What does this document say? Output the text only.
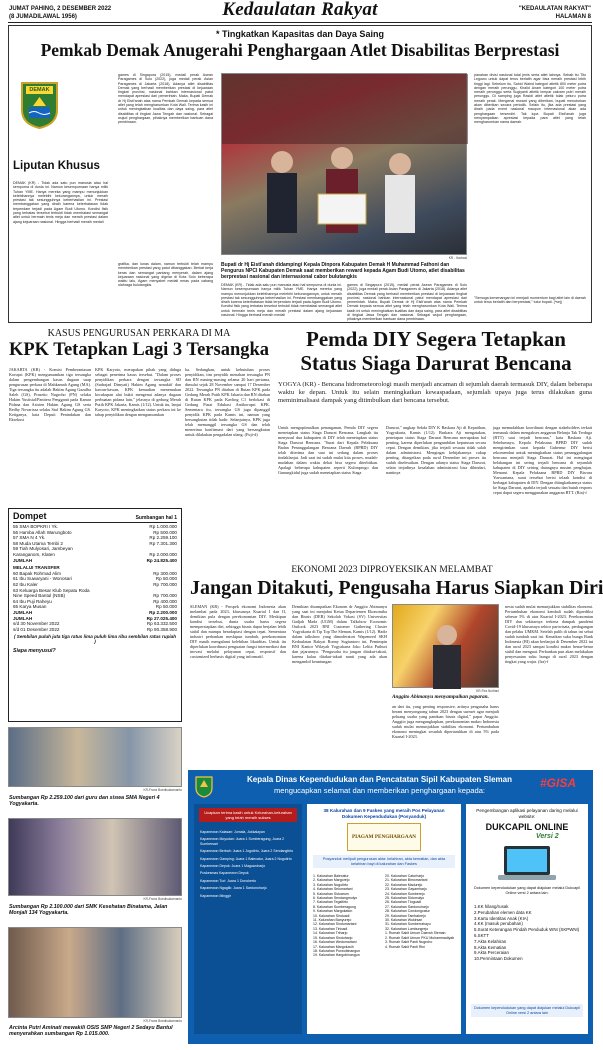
JUMAT PAHING, 2 DESEMBER 2022
(8 JUMADILAWAL 1956)	Kedaulatan Rakyat	"KEDAULATAN RAKYAT"
HALAMAN 8
* Tingkatkan Kapasitas dan Daya Saing
Pemkab Demak Anugerahi Penghargaan Atlet Disabilitas Berprestasi
DEMAK
Liputan Khusus
DEMAK (KR) - Tidak ada satu pun manusia atau hal sempurna di dunia ini. Namun kesempurnaan hanya milik Tuhan YME. Hanya mereka yang mampu menunjukkan kelebihannya melebihi kekurangannya, untuk meraih prestasi tak sesungguhnya keberhasilan ini. Prestasi membanggakan yang diraih karena keterbatasan tidak terpendam terjadi pada Agam Budi Utomo. Kondisi fisik yang terbatas tersebut terbukti tidak membatasi semangat atlet untuk bermain tenis meja dan meraih prestasi dalam ajang kejuaraan nasional. Hingga berhasil meraih medali
games di Singapura (2015), medali perak Asean Paragames di Solo (2022), juga medali perak Asian Paragames di Jakarta (2018). Adanya atlet disabilitas Demak yang berhasil memberikan prestasi di kejuaraan tingkat provinsi, nasional bahkan internasional patut mendapat apresiasi dari pemerintah. Maka, Bupati Demak dr Hj Eisti'anah atas nama Pemkab Demak kepada semua atlet yang telah mengharumkan Kota Wali. Terima kasih ini untuk meningkatkan kualitas dan daya saing, para atlet disabilitas di tingkat Jawa Tengah dan nasional. Sebagai wujud penghargaan, pihaknya memberikan bantuan dana pembinaan.
KR - Ilustrasi
Bupati dr Hj Eisti'anah didampingi Kepala Dinpora Kabupaten Demak H Muhammad Fathoni dan Pengurus NPCI Kabupaten Demak saat memberikan reward kepada Agam Budi Utomo, atlet disabilitas berprestasi nasional dan internasional cabor bulutangkis
grafika, dan lunas dalam, namun terbukti telah mampu memberikan prestasi yang patut dibanggakan. Berkat kerja keras dan semangat pantang menyerah, dalam ajang kejuaraan nasional yang digelar di Kota Solo beberapa waktu lalu, Agam menyabet medali emas pada cabang olahraga bulutangkis.	DEMAK (KR) - Tidak ada satu pun manusia atau hal sempurna di dunia ini. Namun kesempurnaan hanya milik Tuhan YME. Hanya mereka yang mampu menunjukkan kelebihannya melebihi kekurangannya, untuk meraih prestasi tak sesungguhnya keberhasilan ini. Prestasi membanggakan yang diraih karena keterbatasan tidak terpendam terjadi pada Agam Budi Utomo. Kondisi fisik yang terbatas tersebut terbukti tidak membatasi semangat atlet untuk bermain tenis meja dan meraih prestasi dalam ajang kejuaraan nasional. Hingga berhasil meraih medali
games di Singapura (2015), medali perak Asean Paragames di Solo (2022), juga medali perak Asian Paragames di Jakarta (2018). Adanya atlet disabilitas Demak yang berhasil memberikan prestasi di kejuaraan tingkat provinsi, nasional bahkan internasional patut mendapat apresiasi dari pemerintah. Maka, Bupati Demak dr Hj Eisti'anah atas nama Pemkab Demak kepada semua atlet yang telah mengharumkan Kota Wali. Terima kasih ini untuk meningkatkan kualitas dan daya saing, para atlet disabilitas di tingkat Jawa Tengah dan nasional. Sebagai wujud penghargaan, pihaknya memberikan bantuan dana pembinaan.
panahan divisi nasional total jenis serta atlet lainnya. Sebab itu Tito Legowo untuk dapat terus berlatih agar bisa meraih prestasi lebih tinggi lagi. Sebelum itu, Sahid Wahid kategori atletik 800 meter putra dengan meraih perunggu, Khalid Anam kategori 100 meter putra meraih perunggu serta Sugiyanti atletik lempar cakram putri meraih perunggu. Di samping juga Rasidi atlet atletik tolak peluru putra meraih perak. Mengenai reward yang diberikan, bupati menuturkan akan diberikan secara periodik. Selain itu, jika ada prestasi yang diraih pada event nasional maupun internasional akan ada penghargaan tersendiri. Tak lupa Bupati Eisti'anah juga menyampaikan apresiasi kepada para atlet yang telah mengharumkan nama daerah.
"Semoga kemenangan ini menjadi momentum bagi atlet lain di daerah untuk terus berlatih dan berprestasi," tutur bupati. (*sej)
KASUS PENGURUSAN PERKARA DI MA
KPK Tetapkan Lagi 3 Tersangka
JAKARTA (KR) - Komisi Pemberantasan Korupsi (KPK) mengumumkan tiga tersangka dalam pengembangan kasus dugaan suap pengurusan perkara di Mahkamah Agung (MA). Tiga tersangka itu adalah Hakim Agung Gazalba Saleh (GS), Prasetio Nugroho (PN) selaku Hakim Yustisial/Panitera Pengganti pada Kamar Pidana dan Asisten Hakim Agung GS serta Redhy Novarisza selaku Staf Hakim Agung GS. Ketiganya, kata Deputi Penindakan dan Eksekusi
KPK Karyoto, merupakan pihak yang diduga sebagai penerima kasus tersebut. "Dalam proses penyidikan perkara dengan tersangka SD (Sudrajad Dimyati) Hakim Agung nonaktif dan kawan-kawan, KPK kemudian menemukan kecukupan alat bukti mengenai adanya dugaan perbuatan pidana lain," jelasnya di gedung Merah Putih KPK Jakarta, Kamis (1/12). Untuk itu, lanjut Karyoto, KPK meningkatkan status perkara ini ke tahap penyidikan dengan mengumumkan
ka. Sedangkan, untuk kebutuhan proses penyidikan, tim penyidik menahan tersangka PN dan RN masing-masing selama 20 hari pertama, dimulai sejak 28 November sampai 17 Desember 2022. Tersangka PN ditahan di Rutan KPK pada Gedung Merah Putih KPK Jakarta dan RN ditahan di Rutan KPK pada Kavling C1 berlokasi di Gedung Pusat Edukasi Antikorupsi KPK. Sementara itu, tersangka GS juga dipanggil penyidik KPK pada Kamis ini, namun yang bersangkutan tidak hadir. Selanjutnya, KPK juga telah memanggil tersangka GS dan telah menerima konfirmasi dari yang bersangkutan untuk dilakukan pengadalan ulang. (Fuji-d)
Dompet	Sumbangan hal 1
55 SMA BOPKRI I Yk.	Rp 1.000.000
56 Hamba Allah Warungboto	Rp 500.000
57 SMA N 4 Yk.	Rp 2.259.100
58 Muda Utama Tembi 2	Rp 7.301.300
59 Tiah Mulyosari, Jambeyan
Karanganom, Klaten	Rp 2.000.000
JUMLAH	Rp 24.825.400
MELALUI TRANSFER
60 Bapak Rohmad Alim	Rp 300.000
61 Ibu Suwaryani - Wonosari	Rp 50.000
62 Ibu Kaler	Rp 700.000
63 Keluarga Besar Klub Sepatu Roda
Nine Speed Bantul (NSB)	Rp 700.000
64 Ibu Puji Raheyu	Rp 400.000
65 Karya Musan	Rp 50.000
JUMLAH	Rp 2.200.000
JUMLAH	Rp 27.025.400
s/d 30 November 2022	Rp 63.332.500
s/d 01 Desember 2022	Rp 90.358.900
( Sembilan puluh juta tiga ratus lima puluh lima ribu sembilan ratus rupiah )
Siapa menyusul?
KR-Franz Boedisukarnanto
Sumbangan Rp 2.259.100 dari guru dan siswa SMA Negeri 4 Yogyakarta.
KR-Franz Boedisukarnanto
Sumbangan Rp 2.100.000 dari SMK Kesehatan Binatama, Jalan Monjali 134 Yogyakarta.
KR-Franz Boedisukarnanto
Arcinta Putri Aminati mewakili OSIS SMP Negeri 2 Sedayu Bantul menyerahkan sumbangan Rp 1.015.000.
Pemda DIY Segera Tetapkan Status Siaga Darurat Bencana
YOGYA (KR) - Bencana hidrometeorologi masih menjadi ancaman di sejumlah daerah termasuk DIY, dalam beberapa waktu ke depan. Untuk itu selain meningkatkan kewaspadaan, sejumlah upaya juga terus dilakukan guna meminimalisasi dampak yang ditimbulkan dari bencana tersebut.
Untuk mengoptimalkan penanganan, Pemda DIY segera menetapkan status Siaga Darurat Bencana. Langkah itu menyusul dua kabupaten di DIY telah menetapkan status Siaga Darurat Bencana. "Surat dari Kepala Pelaksana Badan Penanggulangan Bencana Daerah (BPBD) DIY telah diterima dan saat ini sedang dalam proses tindaklanjut. Jadi saat ini sudah mulai kita proses, mudah-mudahan dalam waktu dekat bisa segera diterbitkan. Apalagi beberapa kabupaten seperti Kulonprogo dan Gunungkidul juga sudah menetapkan status Siaga
Darurat," ungkap Sekda DIY K Baskara Aji di Kepatihan, Yogyakarta, Kamis (1/12). Baskara Aji mengatakan, penetapan status Siaga Darurat Bencana merupakan hal penting, karena diperlukan pengambilan keputusan secara cepat. Dengan demikian, jika terjadi sesuatu tidak salah dalam administrasi. Mengingat kebijakannya cukup penting, ditargetkan pada awal Desember ini proses itu sudah diselesaikan. Dengan adanya status Siaga Darurat, selain terjadinya kesalahan administrasi bisa dihindari, nantinya
juga memudahkan koordinasi dengan stakeholders terkait termasuk dalam mengakses anggaran Belanja Tak Terduga (BTT) saat terjadi bencana," kata Baskara Aji. Sebelumnya, Kepala Pelaksana BPBD DIY sudah mengirimkan surat kepada Gubernur DIY berisi rekomendasi untuk meningkatkan status penanggulangan bencana menjadi Siaga Darurat. Hal ini mengingat belakangan ini sering terjadi bencana di sejumlah kabupaten di DIY seiring datangnya musim penghujan. Menurut Kepala Pelaksana BPBD DIY Biwara Yuswantana, surat tersebut berisi telaah kondisi di berbagai kabupaten di DIY. Dengan ditingkatkannya status ke Siaga Darurat, apabila terjadi sesuatu dan butuh respons cepat dapat segera menggunakan anggaran BTT. (Ria)-f
EKONOMI 2023 DIPROYEKSIKAN MELAMBAT
Jangan Ditakuti, Pengusaha Harus Siapkan Diri
SLEMAN (KR) - Prospek ekonomi Indonesia akan melambat pada 2023, khususnya Kuartal I dan II, demikian pula dengan perekonomian DIY. Meskipun kondisi tersebut, dunia usaha harus segera mempersiapkan diri, sehingga bisnis dapat berjalan lebih stabil dan mampu beradaptasi dengan tepat. Sementara industri perbankan meskipun tumbuh, perekonomian DIY masih mengalami kelebihan likuiditas. Untuk itu diperlukan koordinasi penguatan fungsi intermediasi dan inovasi melalui pelayanan cepat, responsif dan customized berbasis digital yang informatif.
Demikian disampaikan Ekonom dr Anggito Abimanyu yang saat ini menjabat Ketua Departemen Ekonomika dan Bisnis (DEB) Sekolah Vokasi (SV) Universitas Gadjah Mada (UGM) dalam Talkshow Economic Outlook 2023 BNI Customer Gathering Cluster Yogyakarta di Tip Top The Sleman, Kamis (1/12). Hadir dalam talkshow yang dimoderatori Wapemred SKH Kedaulatan Rakyat Ronny Sugiantoro ini, Pemimpin BNI Kantor Wilayah Yogyakarta Joko Lelita Puthuri dan jajarannya. "Pengusaha itu jangan ditakut-takuti, karena kalau ditakut-takuti nanti yang ada akan mengambil keuntungan
KR-Fira Nurfiani
Anggito Abimanyu menyampaikan paparan.
an dari itu, yang penting responsive, artinya pengusaha harus berani menyongsong tahun 2023 dengan surnset agar menjadi peluang usaha yang panduan bisnis digital," papar Anggito. Anggito juga mengungkapkan, perekonomian makro Indonesia sudah mulai menunjukkan stabilitas ekonomi. Pertumbuhan ekonomi meningkat sesudah dipertaruhkan di atas 5% pada Kuartal I-2023.
nesia sudah mulai menunjukkan stabilitas ekonomi. Pertumbuhan ekonomi kembali sudah diprediksi sebesar 5% di atas Kuartal I-2023. Perekonomian DIY dan sekitarnya terkena dampak pandemi Covid-19 khususnya sektor pariwisata, perdagangan dan pelaku UMKM. Setelah pulih di tahun ini sebut sudah tumbuh saat ini. Kenaikan suku bunga Bank Indonesia (BI) akan berlanjut di Desember 2022 ini dan awal 2023 sampai kondisi makro benar-benar stabil dan menguat. Perbankan pun akan melakukan penyesuaian suku bunga di awal 2023 dengan tingkat yang wajar. (Ira)-f
Kepala Dinas Kependudukan dan Pencatatan Sipil Kabupaten Sleman
mengucapkan selamat dan memberikan penghargaan kepada:
#GISA
Ucapkan terima kasih untuk Kelurahan-kelurahan yang telah meraih sukses
Kapanewon Kalasan: Jumala, Jukkalayan
Kapanewon Moyudan: Juara 1 Sumberagung, Juara 2 Sumbersari
Kapanewon Berbah: Juara 1 Jogotirto, Juara 2 Sendangtirto
Kapanewon Gamping: Juara 1 Balecatur, Juara 2 Nogotirto
Kapanewon Depok: Juara 1 Maguwoharjo
Puskesmas Kapanewon Depok
Kapanewon Turi: Juara 1 Donokerto
Kapanewon Ngaglik: Juara 1 Sardonoharjo
Kapanewon Minggir
38 Kalurahan dan 9 Faskes yang meraih Pos Pelayanan Dokumen Kependudukan (Posyanduk)
PIAGAM PENGHARGAAN
Posyanduk meliputi pengurusan akta: kelahiran, akta kematian, dan akta kelahiran bayi di kalurahan dan Faskes
1. Kalurahan Balecatur
2. Kalurahan Margorejo
3. Kalurahan Nogotirto
4. Kalurahan Selomartani
5. Kalurahan Sidoarum
6. Kalurahan Sendangmulyo
7. Kalurahan Tegaltirto
8. Kalurahan Sumberagung
9. Kalurahan Margokaton
10. Kalurahan Sinduadi
11. Kalurahan Banyurejo
12. Kalurahan Sindumartani
13. Kalurahan Tirtoadi
14. Kalurahan Triharjo
15. Kalurahan Sinduharjo
16. Kalurahan Wedomartani
17. Kalurahan Margoluwih
18. Kalurahan Purwobinangun
19. Kalurahan Hargobinangun
20. Kalurahan Caturharjo
21. Kalurahan Bimomartani
22. Kalurahan Madurejo
23. Kalurahan Gayamharjo
24. Kalurahan Sumberejo
25. Kalurahan Sidomulyo
26. Kalurahan Tlogoadi
27. Kalurahan Sardonoharjo
28. Kalurahan Condongcatur
29. Kalurahan Tambakrejo
30. Kalurahan Wukirsari
31. Kalurahan Sumberrahayu
32. Kalurahan Lumbungrejo
1. Rumah Sakit Umum Daerah Sleman
2. Rumah Sakit Umum PKU Muhammadiyah
3. Rumah Sakit Panti Nugroho
4. Rumah Sakit Panti Rini
Pengembangan aplikasi pelayanan daring melalui website:
DUKCAPIL ONLINE
Versi 2
Dokumen kependudukan yang dapat diajukan melalui Dukcapil Online versi 2 antara lain:
1.KK hilang/rusak
2.Perubahan elemen data KK
3.Kartu Identitas Anak (KIA)
4.KK (masuk perubahan)
5.Surat Keterangan Pindah Penduduk WNI (SKPWNI)
6.SKTT
7.Akta Kelahiran
8.Akta Kematian
9.Akta Perceraian
10.Permintaan Dokumen
Dokumen kependudukan yang dapat diajukan melalui Dukcapil Online versi 2 antara lain
